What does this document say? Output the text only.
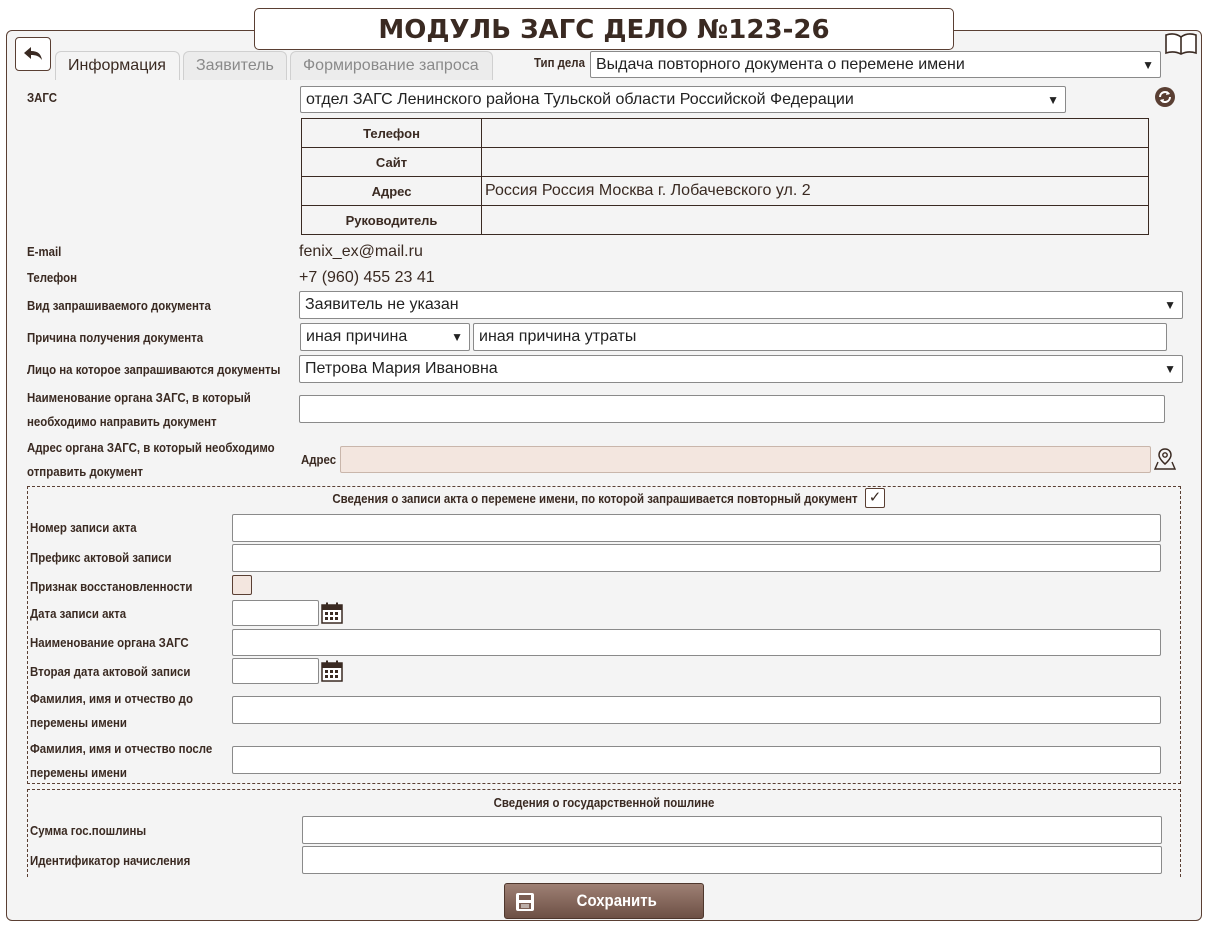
МОДУЛЬ ЗАГС ДЕЛО №123-26
Информация	Заявитель	Формирование запроса	Тип дела Выдача повторного документа о перемене имени	▼
ЗАГС	отдел ЗАГС Ленинского района Тульской области Российской Федерации	▼
Телефон	
Сайт	
Адрес	Россия Россия Москва г. Лобачевского ул. 2
Руководитель	
E-mail	fenix_ex@mail.ru
Телефон	+7 (960) 455 23 41
Вид запрашиваемого документа	Заявитель не указан	▼
Причина получения документа	иная причина	▼	иная причина утраты
Лицо на которое запрашиваются документы	Петрова Мария Ивановна	▼
Наименование органа ЗАГС, в который необходимо направить документ
Адрес органа ЗАГС, в который необходимо отправить документ
Адрес
Сведения о записи акта о перемене имени, по которой запрашивается повторный документ ✓
Номер записи акта
Префикс актовой записи
Признак восстановленности
Дата записи акта
Наименование органа ЗАГС
Вторая дата актовой записи
Фамилия, имя и отчество до перемены имени
Фамилия, имя и отчество после перемены имени
Сведения о государственной пошлине
Сумма гос.пошлины
Идентификатор начисления
Сохранить
